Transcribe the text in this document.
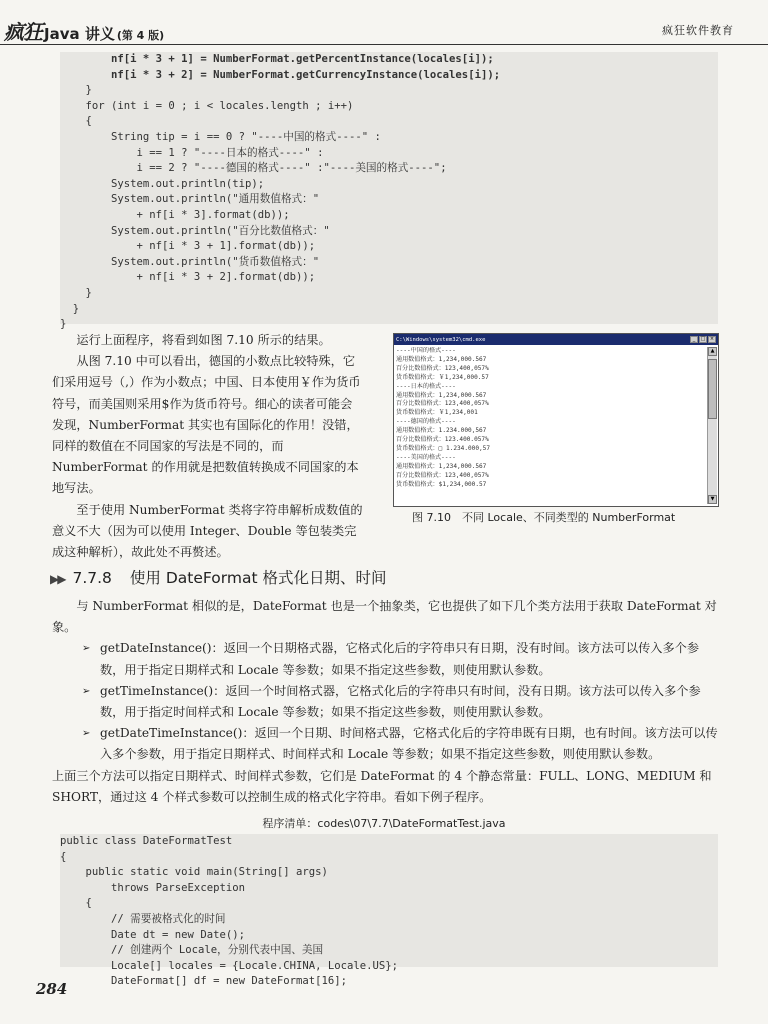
疯狂 Java 讲义 (第 4 版)	疯狂软件教育
nf[i * 3 + 1] = NumberFormat.getPercentInstance(locales[i]);
nf[i * 3 + 2] = NumberFormat.getCurrencyInstance(locales[i]);
}
for (int i = 0 ; i < locales.length ; i++)
{
String tip = i == 0 ? "----中国的格式----" :
i == 1 ? "----日本的格式----" :
i == 2 ? "----德国的格式----" :"----美国的格式----";
System.out.println(tip);
System.out.println("通用数值格式："
+ nf[i * 3].format(db));
System.out.println("百分比数值格式："
+ nf[i * 3 + 1].format(db));
System.out.println("货币数值格式："
+ nf[i * 3 + 2].format(db));
}
}
}

运行上面程序，将看到如图 7.10 所示的结果。

从图 7.10 中可以看出，德国的小数点比较特殊，它们采用逗号（,）作为小数点；中国、日本使用￥作为货币符号，而美国则采用$作为货币符号。细心的读者可能会发现，NumberFormat 其实也有国际化的作用！没错，同样的数值在不同国家的写法是不同的，而 NumberFormat 的作用就是把数值转换成不同国家的本地写法。

至于使用 NumberFormat 类将字符串解析成数值的意义不大（因为可以使用 Integer、Double 等包装类完成这种解析），故此处不再赘述。

C:\Windows\system32\cmd.exe	_	□ ×
----中国的格式----
通用数值格式：1,234,000.567
百分比数值格式：123,400,057%
货币数值格式：￥1,234,000.57
----日本的格式----
通用数值格式：1,234,000.567
百分比数值格式：123,400,057%
货币数值格式：￥1,234,001
----德国的格式----
通用数值格式：1.234.000,567
百分比数值格式：123.400.057%
货币数值格式：□ 1.234.000,57
----美国的格式----
通用数值格式：1,234,000.567
百分比数值格式：123,400,057%
货币数值格式：$1,234,000.57
▲
▼
图 7.10　不同 Locale、不同类型的 NumberFormat
▶▶ 7.7.8 使用 DateFormat 格式化日期、时间

与 NumberFormat 相似的是，DateFormat 也是一个抽象类，它也提供了如下几个类方法用于获取 DateFormat 对象。

➢ getDateInstance()：返回一个日期格式器，它格式化后的字符串只有日期，没有时间。该方法可以传入多个参数，用于指定日期样式和 Locale 等参数；如果不指定这些参数，则使用默认参数。
➢ getTimeInstance()：返回一个时间格式器，它格式化后的字符串只有时间，没有日期。该方法可以传入多个参数，用于指定时间样式和 Locale 等参数；如果不指定这些参数，则使用默认参数。
➢ getDateTimeInstance()：返回一个日期、时间格式器，它格式化后的字符串既有日期，也有时间。该方法可以传入多个参数，用于指定日期样式、时间样式和 Locale 等参数；如果不指定这些参数，则使用默认参数。

上面三个方法可以指定日期样式、时间样式参数，它们是 DateFormat 的 4 个静态常量：FULL、LONG、MEDIUM 和 SHORT，通过这 4 个样式参数可以控制生成的格式化字符串。看如下例子程序。

程序清单：codes\07\7.7\DateFormatTest.java
public class DateFormatTest
{
public static void main(String[] args)
throws ParseException
{
// 需要被格式化的时间
Date dt = new Date();
// 创建两个 Locale，分别代表中国、美国
Locale[] locales = {Locale.CHINA, Locale.US};
DateFormat[] df = new DateFormat[16];
284
